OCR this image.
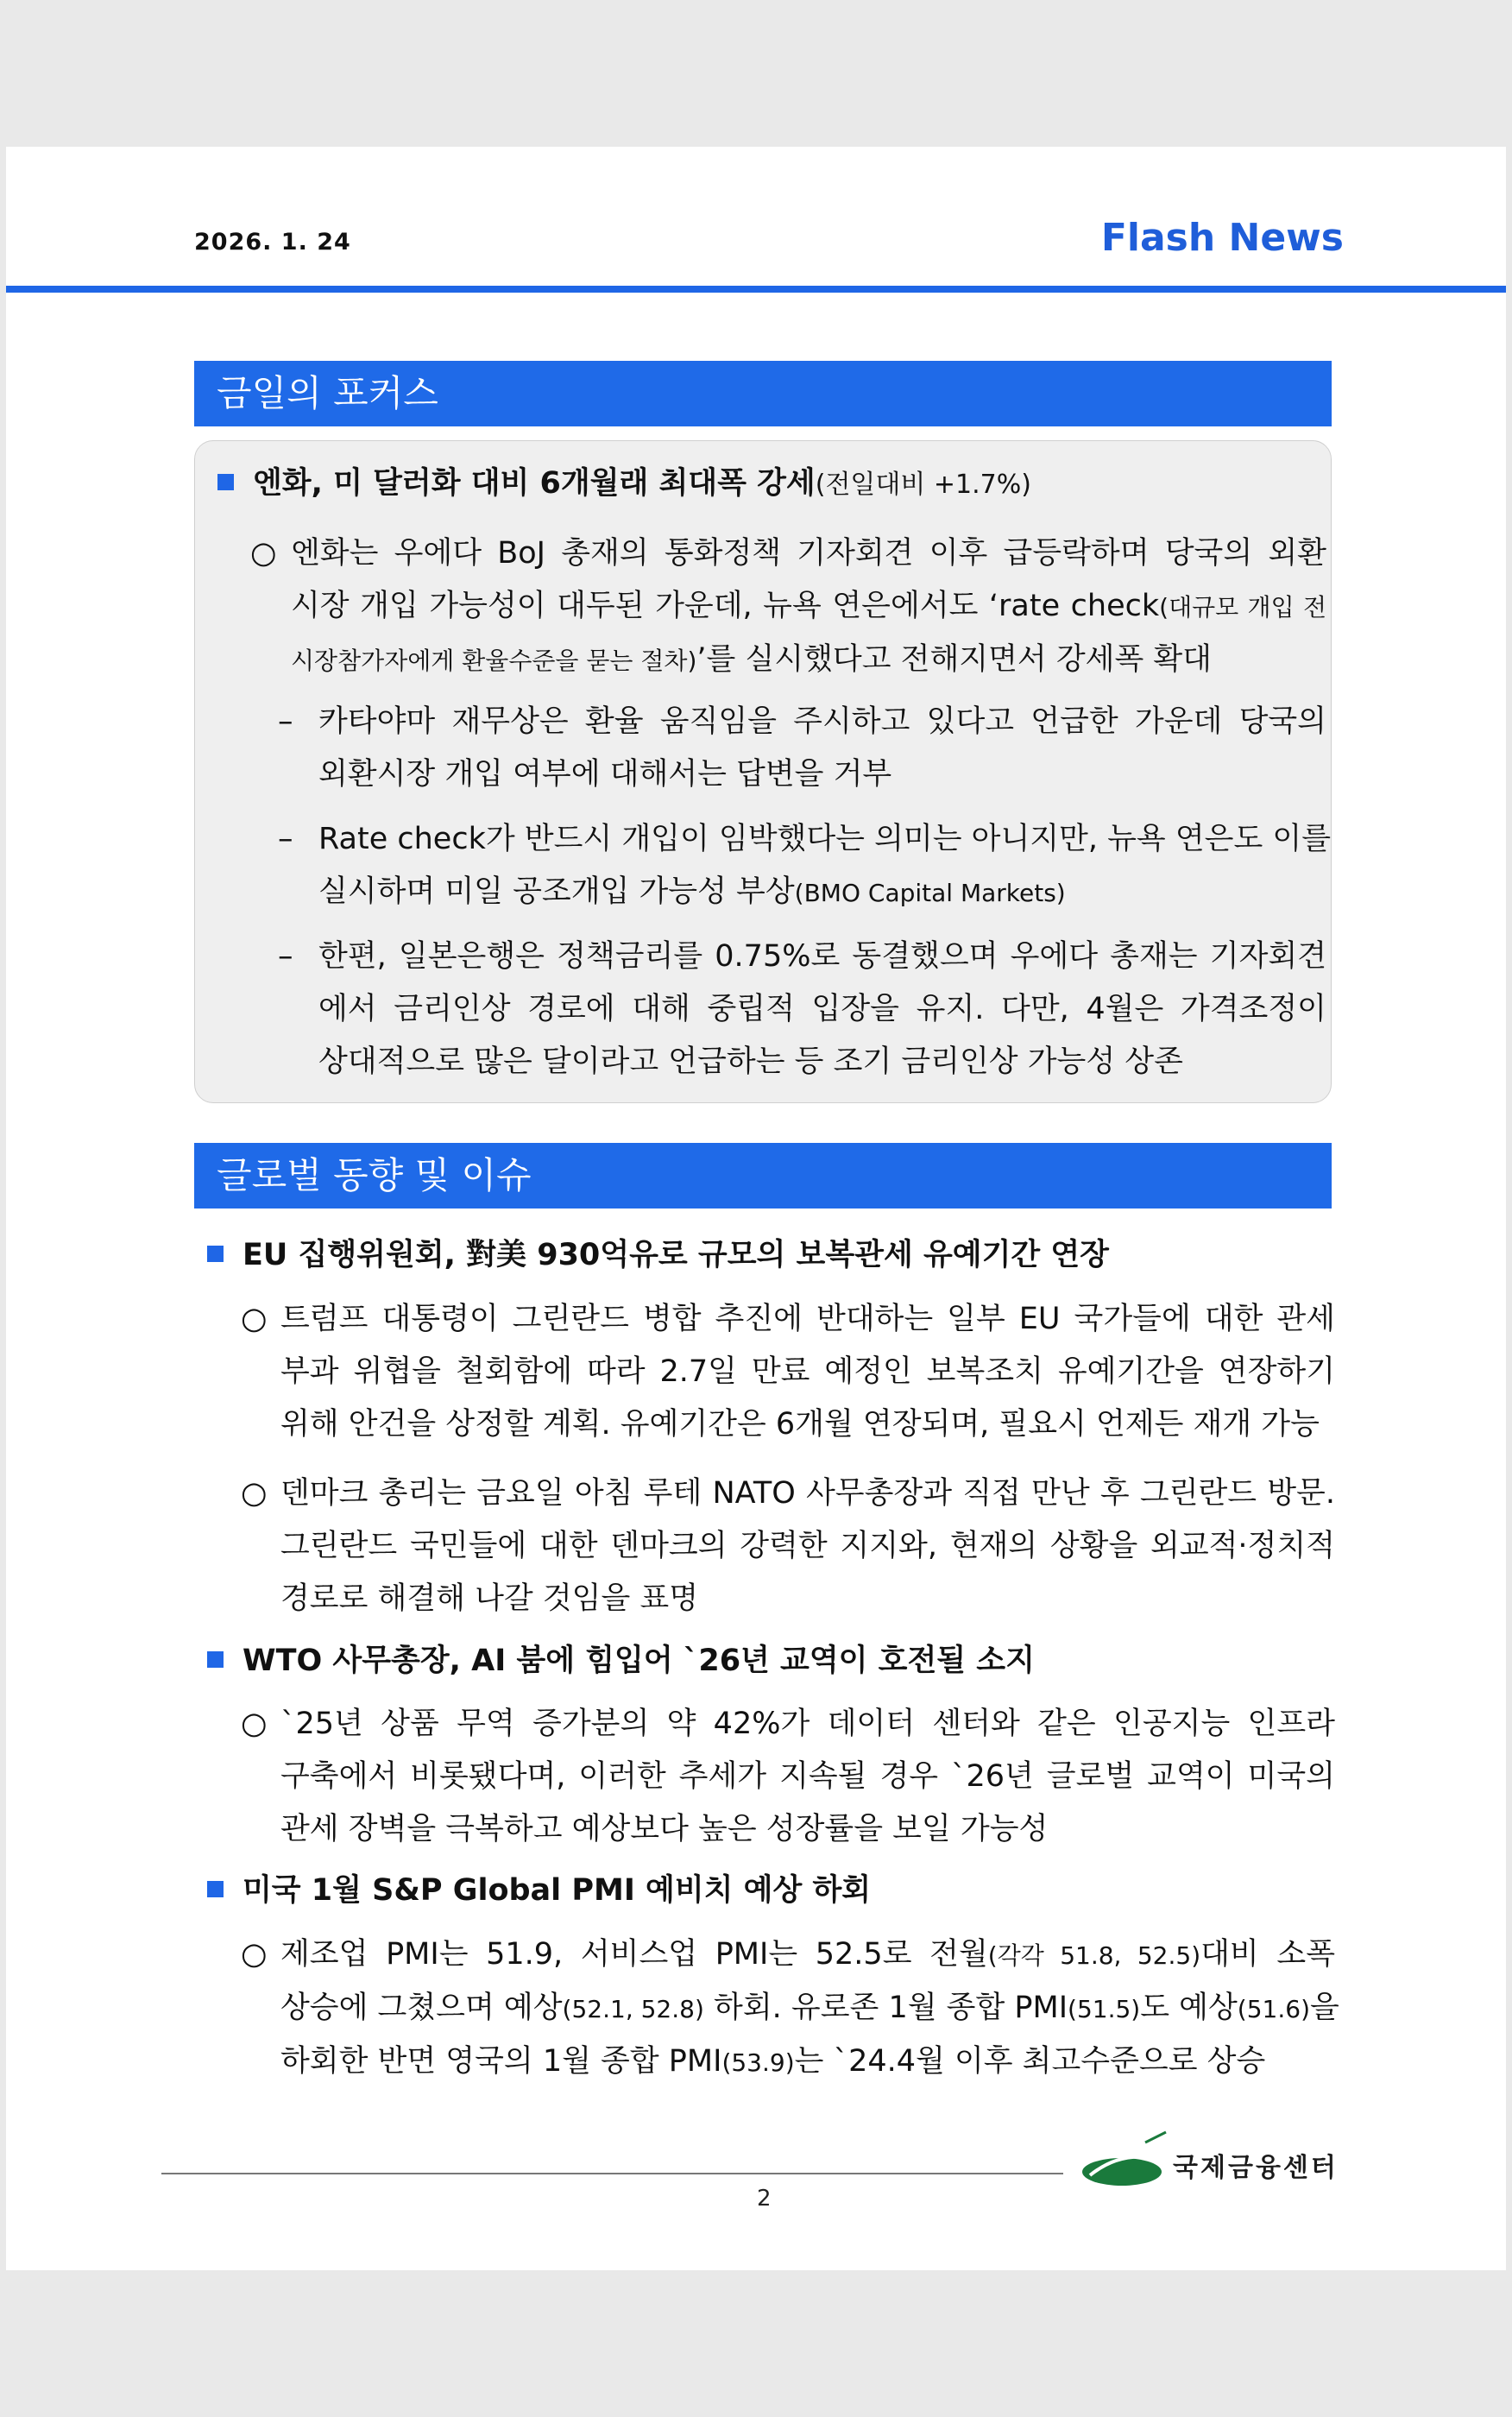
2026. 1. 24	Flash News
금일의 포커스
엔화, 미 달러화 대비 6개월래 최대폭 강세(전일대비 +1.7%)
○ 엔화는 우에다 BoJ 총재의 통화정책 기자회견 이후 급등락하며 당국의 외환
시장 개입 가능성이 대두된 가운데, 뉴욕 연은에서도 ‘rate check(대규모 개입 전
시장참가자에게 환율수준을 묻는 절차)’를 실시했다고 전해지면서 강세폭 확대
– 카타야마 재무상은 환율 움직임을 주시하고 있다고 언급한 가운데 당국의
외환시장 개입 여부에 대해서는 답변을 거부
– Rate check가 반드시 개입이 임박했다는 의미는 아니지만, 뉴욕 연은도 이를
실시하며 미일 공조개입 가능성 부상(BMO Capital Markets)
– 한편, 일본은행은 정책금리를 0.75%로 동결했으며 우에다 총재는 기자회견
에서 금리인상 경로에 대해 중립적 입장을 유지. 다만, 4월은 가격조정이
상대적으로 많은 달이라고 언급하는 등 조기 금리인상 가능성 상존
글로벌 동향 및 이슈
EU 집행위원회, 對美 930억유로 규모의 보복관세 유예기간 연장
○ 트럼프 대통령이 그린란드 병합 추진에 반대하는 일부 EU 국가들에 대한 관세
부과 위협을 철회함에 따라 2.7일 만료 예정인 보복조치 유예기간을 연장하기
위해 안건을 상정할 계획. 유예기간은 6개월 연장되며, 필요시 언제든 재개 가능
○ 덴마크 총리는 금요일 아침 루테 NATO 사무총장과 직접 만난 후 그린란드 방문.
그린란드 국민들에 대한 덴마크의 강력한 지지와, 현재의 상황을 외교적·정치적
경로로 해결해 나갈 것임을 표명
WTO 사무총장, AI 붐에 힘입어 `26년 교역이 호전될 소지
○ `25년 상품 무역 증가분의 약 42%가 데이터 센터와 같은 인공지능 인프라
구축에서 비롯됐다며, 이러한 추세가 지속될 경우 `26년 글로벌 교역이 미국의
관세 장벽을 극복하고 예상보다 높은 성장률을 보일 가능성
미국 1월 S&P Global PMI 예비치 예상 하회
○ 제조업 PMI는 51.9, 서비스업 PMI는 52.5로 전월(각각 51.8, 52.5)대비 소폭
상승에 그쳤으며 예상(52.1, 52.8) 하회. 유로존 1월 종합 PMI(51.5)도 예상(51.6)을
하회한 반면 영국의 1월 종합 PMI(53.9)는 `24.4월 이후 최고수준으로 상승
국제금융센터
2
